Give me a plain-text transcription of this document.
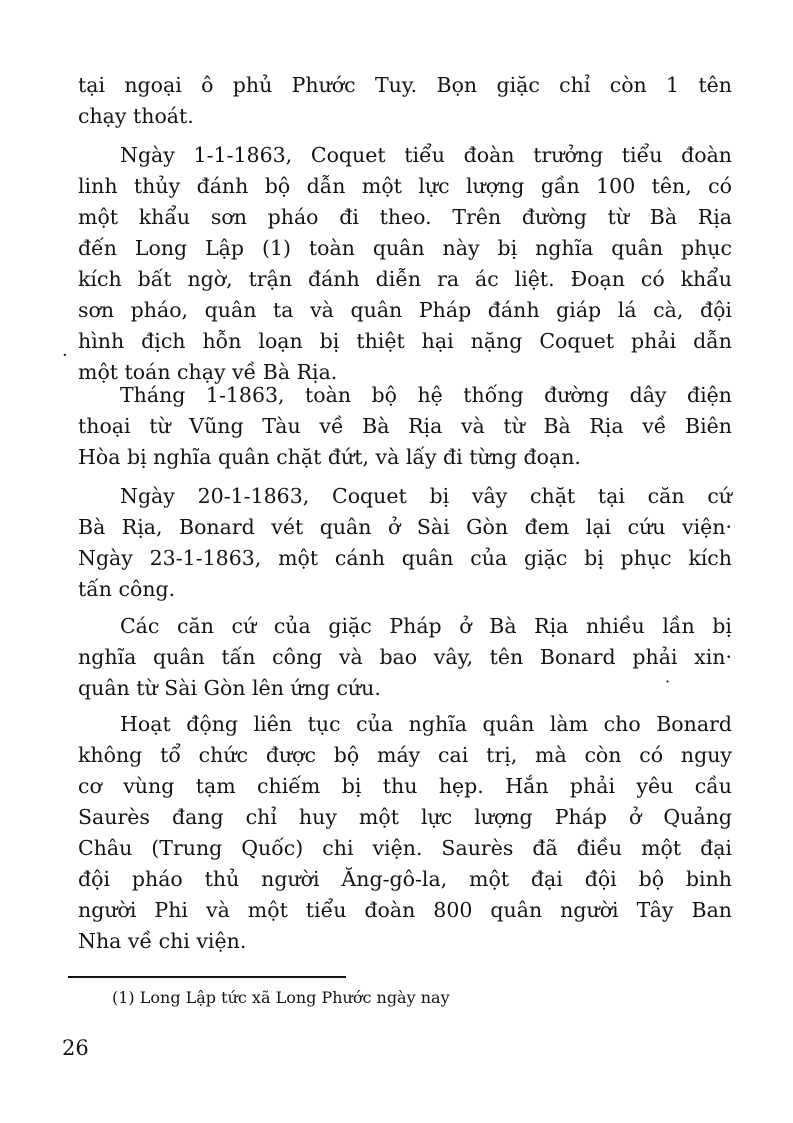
tại ngoại ô phủ Phước Tuy. Bọn giặc chỉ còn 1 tên
chạy thoát.
Ngày 1-1-1863, Coquet tiểu đoàn trưởng tiểu đoàn
linh thủy đánh bộ dẫn một lực lượng gần 100 tên, có
một khẩu sơn pháo đi theo. Trên đường từ Bà Rịa
đến Long Lập (1) toàn quân này bị nghĩa quân phục
kích bất ngờ, trận đánh diễn ra ác liệt. Đoạn có khẩu
sơn pháo, quân ta và quân Pháp đánh giáp lá cà, đội
hình địch hỗn loạn bị thiệt hại nặng Coquet phải dẫn
một toán chạy về Bà Rịa.
·
Tháng 1-1863, toàn bộ hệ thống đường dây điện
thoại từ Vũng Tàu về Bà Rịa và từ Bà Rịa về Biên
Hòa bị nghĩa quân chặt đứt, và lấy đi từng đoạn.
Ngày 20-1-1863, Coquet bị vây chặt tại căn cứ
Bà Rịa, Bonard vét quân ở Sài Gòn đem lại cứu viện·
Ngày 23-1-1863, một cánh quân của giặc bị phục kích
tấn công.
Các căn cứ của giặc Pháp ở Bà Rịa nhiều lần bị
nghĩa quân tấn công và bao vây, tên Bonard phải xin·
quân từ Sài Gòn lên ứng cứu.	·
Hoạt động liên tục của nghĩa quân làm cho Bonard
không tổ chức được bộ máy cai trị, mà còn có nguy
cơ vùng tạm chiếm bị thu hẹp. Hắn phải yêu cầu
Saurès đang chỉ huy một lực lượng Pháp ở Quảng
Châu (Trung Quốc) chi viện. Saurès đã điều một đại
đội pháo thủ người Ăng-gô-la, một đại đội bộ binh
người Phi và một tiểu đoàn 800 quân người Tây Ban
Nha về chi viện.
(1) Long Lập tức xã Long Phước ngày nay
26
